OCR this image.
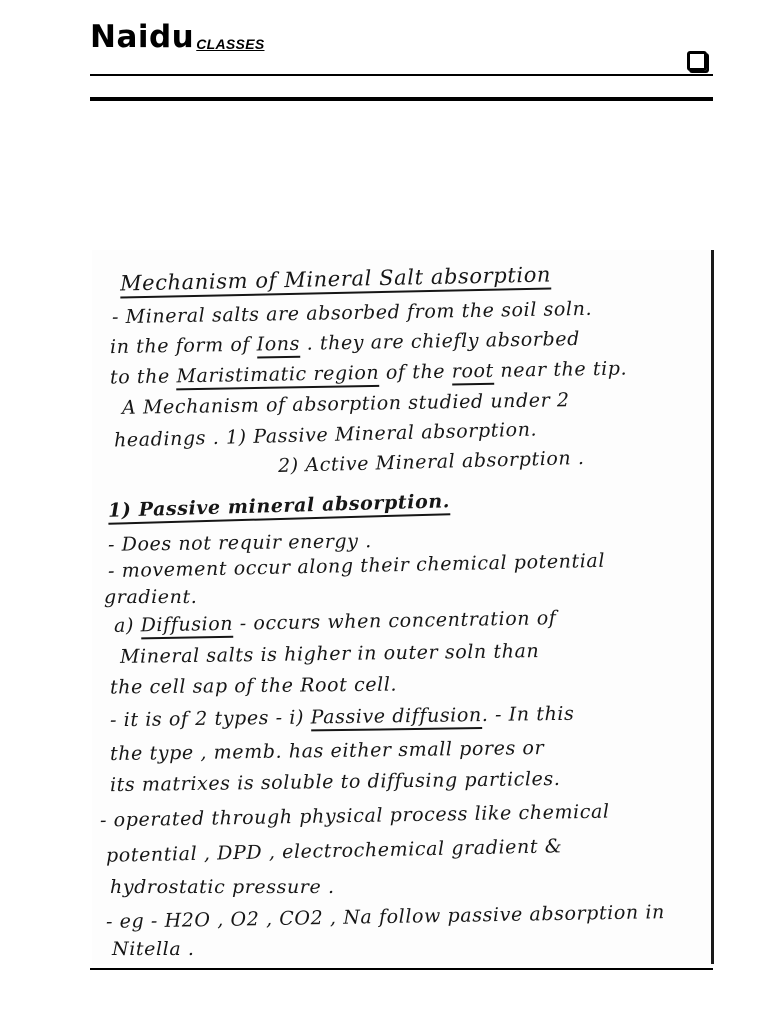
Naidu CLASSES
Mechanism of Mineral Salt absorption
- Mineral salts are absorbed from the soil soln.
in the form of Ions . they are chiefly absorbed
to the Maristimatic region of the root near the tip.
A Mechanism of absorption studied under 2
headings . 1) Passive Mineral absorption.
2) Active Mineral absorption .
1) Passive mineral absorption.
- Does not requir energy .
- movement occur along their chemical potential
gradient.
a) Diffusion - occurs when concentration of
Mineral salts is higher in outer soln than
the cell sap of the Root cell.
- it is of 2 types - i) Passive diffusion. - In this
the type , memb. has either small pores or
its matrixes is soluble to diffusing particles.
- operated through physical process like chemical
potential , DPD , electrochemical gradient &
hydrostatic pressure .
- eg - H2O , O2 , CO2 , Na follow passive absorption in
Nitella .
